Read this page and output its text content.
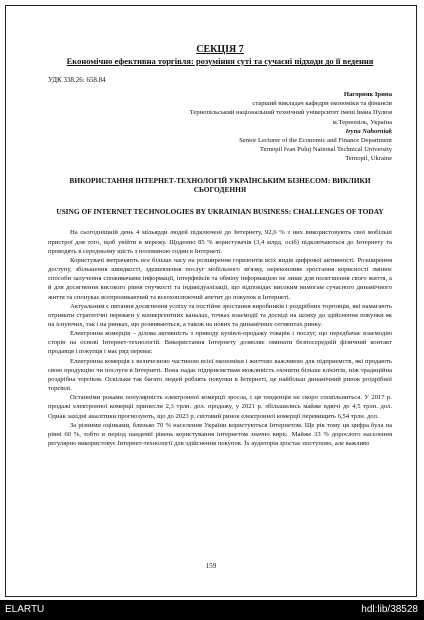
СЕКЦІЯ 7
Економічно ефективна торгівля: розуміння суті та сучасні підходи до її ведення
УДК 338.26: 658.84
Нагорняк Ірина
старший викладач кафедри економіки та фінансів
Тернопільський національний технічний університет імені Івана Пулюя
м.Тернопіль, Україна
Iryna Nahorniak
Senior Lecturer of the Economic and Finance Department
Ternopil Ivan Puluj National Technical University
Ternopil, Ukraine
ВИКОРИСТАННЯ ІНТЕРНЕТ-ТЕХНОЛОГІЙ УКРАЇНСЬКИМ БІЗНЕСОМ: ВИКЛИКИ СЬОГОДЕННЯ
USING OF INTERNET TECHNOLOGIES BY UKRAINIAN BUSINESS: CHALLENGES OF TODAY

На сьогоднішній день 4 мільярди людей підключені до Інтернету, 92,6 % з них використовують свої мобільні пристрої для того, щоб увійти в мережу. Щоденно 85 % користувачів (3,4 млрд. осіб) підключаються до Інтернету та проводять в середньому шість з половиною годин в Інтернеті.

Користувачі витрачають все більше часу на розширення горизонтів всіх видів цифрової активності. Розширення доступу, збільшення швидкості, здешевлення послуг мобільного зв'язку, переконливе зростання корисності змінює способи залучення споживачами інформації, інтерфейсів та обміну інформацією не лише для полегшення свого життя, а й для досягнення високого рівня гнучкості та індивідуалізації, що відповідає високим вимогам сучасного динамічного життя та спонукає всепроникаючий та всеохоплюючий апетит до покупок в Інтернеті.

Актуальним є питання досягнення успіху та постійне зростання виробників і роздрібних торговців, які намагають отримати стратегічні переваги у конвергентних каналах, точках взаємодії та досвіді на шляху до здійснення покупки як на існуючих, так і на ринках, що розвиваються, а також на нових та динамічних сегментах ринку.

Електронна комерція – ділова активність з приводу купівлі-продажу товарів і послуг, що передбачає взаємодію сторін на основі Інтернет-технологій. Використання Інтернету дозволяє оминати безпосередній фізичний контакт продавця і покупця і має ряд переваг.

Електронна комерція є величезною частиною всієї економіки і життєво важливою для підприємств, які продають свою продукцію чи послуги в Інтернеті. Вона надає підприємствам можливість охопити більше клієнтів, ніж традиційна роздрібна торгівля. Оскільки так багато людей роблять покупки в Інтернеті, це найбільш динамічний ринок роздрібної торгівлі.

Останніми роками популярність електронної комерції зросла, і ця тенденція не скоро сповільниться. У 2017 р. продажі електронної комерції принесли 2,3 трлн. дол. продажу, у 2021 р. збільшились майже вдвічі до 4,5 трлн. дол. Однак західні аналітики прогнозують, що до 2023 р. світовий ринок електронної комерції перевищить 6,54 трлн. дол.

За різними оцінками, близько 70 % населення України користуються Інтернетом. Ще рік тому ця цифра була на рівні 60 %, тобто в період пандемії рівень користування інтернетом значно виріс. Майже 33 % дорослого населення регулярно використовує Інтернет-технології для здійснення покупок. Їх аудиторія зростає поступово, але важливо

159
ELARTU	hdl:lib/38528
